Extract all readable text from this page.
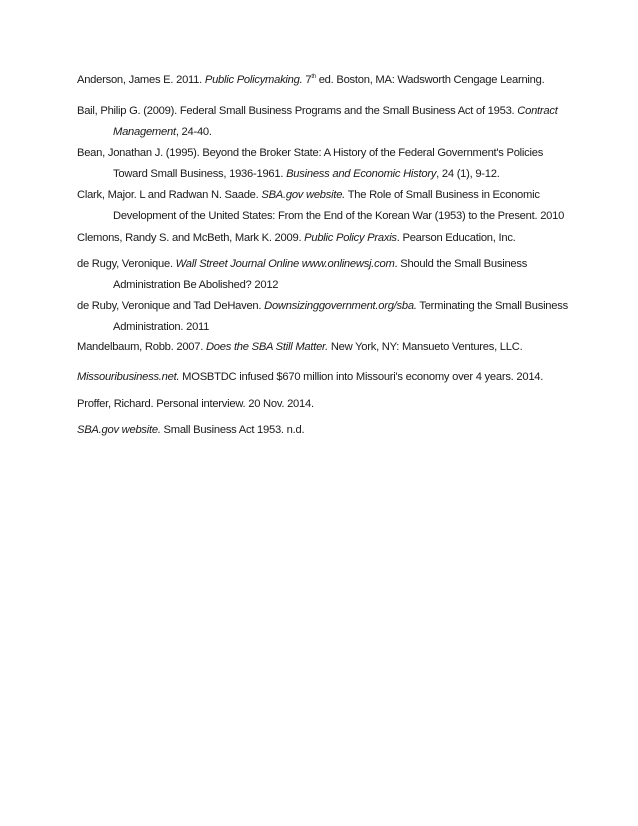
Anderson, James E. 2011. Public Policymaking. 7th ed. Boston, MA: Wadsworth Cengage Learning.
Bail, Philip G. (2009). Federal Small Business Programs and the Small Business Act of 1953. Contract
Management, 24-40.
Bean, Jonathan J. (1995). Beyond the Broker State: A History of the Federal Government's Policies
Toward Small Business, 1936-1961. Business and Economic History, 24 (1), 9-12.
Clark, Major. L and Radwan N. Saade. SBA.gov website. The Role of Small Business in Economic
Development of the United States: From the End of the Korean War (1953) to the Present. 2010
Clemons, Randy S. and McBeth, Mark K. 2009. Public Policy Praxis. Pearson Education, Inc.
de Rugy, Veronique. Wall Street Journal Online www.onlinewsj.com. Should the Small Business
Administration Be Abolished? 2012
de Ruby, Veronique and Tad DeHaven. Downsizinggovernment.org/sba. Terminating the Small Business
Administration. 2011
Mandelbaum, Robb. 2007. Does the SBA Still Matter. New York, NY: Mansueto Ventures, LLC.
Missouribusiness.net. MOSBTDC infused $670 million into Missouri's economy over 4 years. 2014.
Proffer, Richard. Personal interview. 20 Nov. 2014.
SBA.gov website. Small Business Act 1953. n.d.
